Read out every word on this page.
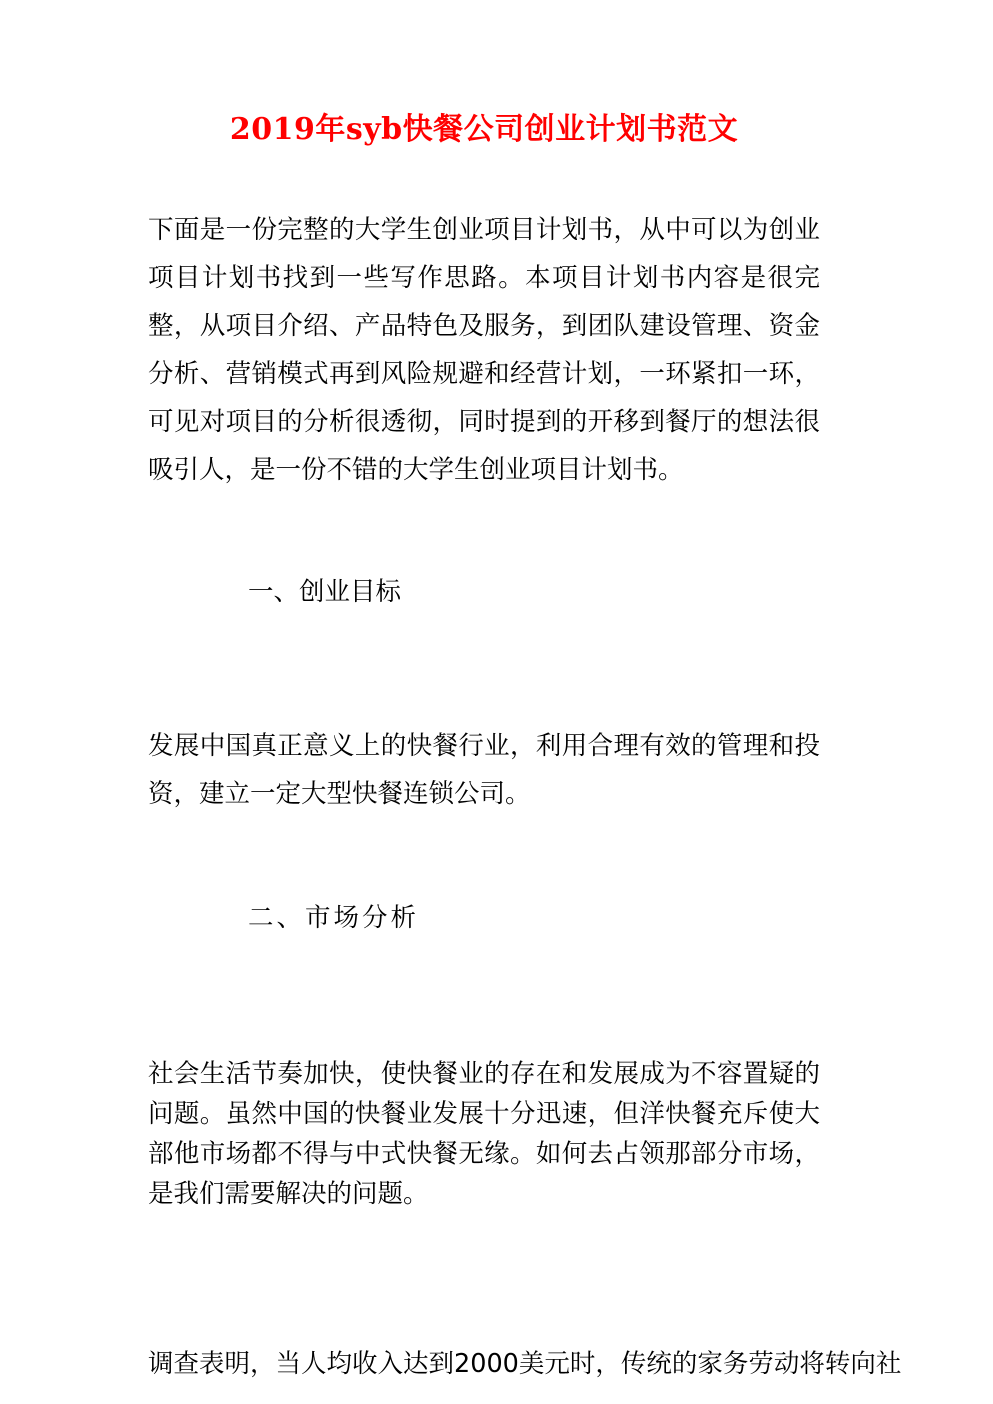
2019年syb快餐公司创业计划书范文

下面是一份完整的大学生创业项目计划书，从中可以为创业项目计划书找到一些写作思路。本项目计划书内容是很完整，从项目介绍、产品特色及服务，到团队建设管理、资金分析、营销模式再到风险规避和经营计划，一环紧扣一环，可见对项目的分析很透彻，同时提到的开移到餐厅的想法很吸引人，是一份不错的大学生创业项目计划书。

一、创业目标

发展中国真正意义上的快餐行业，利用合理有效的管理和投资，建立一定大型快餐连锁公司。

二、市场分析

社会生活节奏加快，使快餐业的存在和发展成为不容置疑的问题。虽然中国的快餐业发展十分迅速，但洋快餐充斥使大部他市场都不得与中式快餐无缘。如何去占领那部分市场，是我们需要解决的问题。

调查表明，当人均收入达到2000美元时，传统的家务劳动将转向社
